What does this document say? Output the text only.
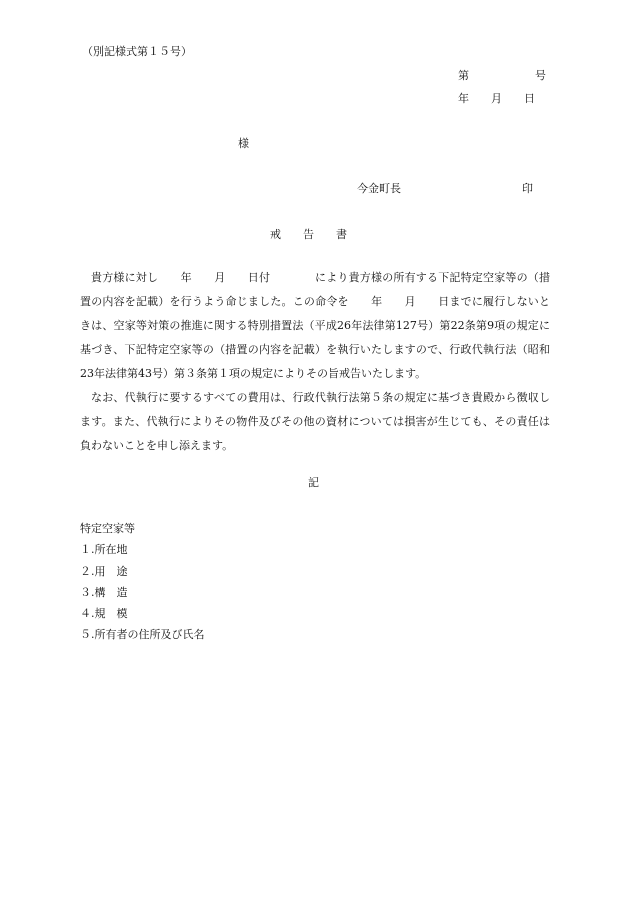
（別記様式第１５号）
第　　　　　　号
年　　月　　日
様
今金町長	印
戒　　告　　書

貴方様に対し　　年　　月　　日付　　　　により貴方様の所有する下記特定空家等の（措置の内容を記載）を行うよう命じました。この命令を　　年　　月　　日までに履行しないときは、空家等対策の推進に関する特別措置法（平成26年法律第127号）第22条第9項の規定に基づき、下記特定空家等の（措置の内容を記載）を執行いたしますので、行政代執行法（昭和23年法律第43号）第３条第１項の規定によりその旨戒告いたします。

なお、代執行に要するすべての費用は、行政代執行法第５条の規定に基づき貴殿から徴収します。また、代執行によりその物件及びその他の資材については損害が生じても、その責任は負わないことを申し添えます。

記
特定空家等
１.所在地
２.用　途
３.構　造
４.規　模
５.所有者の住所及び氏名
